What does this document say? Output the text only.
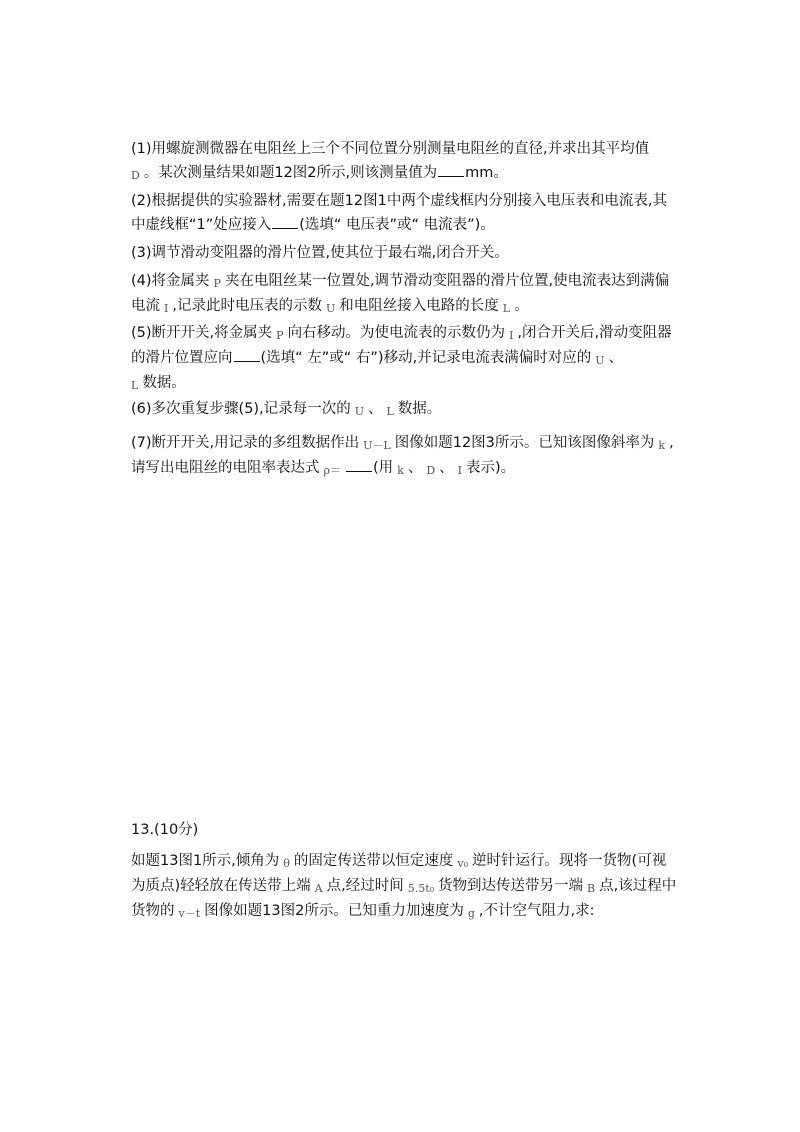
(1)用螺旋测微器在电阻丝上三个不同位置分别测量电阻丝的直径,并求出其平均值
D 。某次测量结果如题12图2所示,则该测量值为 mm。

(2)根据提供的实验器材,需要在题12图1中两个虚线框内分别接入电压表和电流表,其中虚线框“1”处应接入 (选填“ 电压表”或“ 电流表”)。

(3)调节滑动变阻器的滑片位置,使其位于最右端,闭合开关。

(4)将金属夹 P 夹在电阻丝某一位置处,调节滑动变阻器的滑片位置,使电流表达到满偏电流 I ,记录此时电压表的示数 U 和电阻丝接入电路的长度 L 。

(5)断开开关,将金属夹 P 向右移动。为使电流表的示数仍为 I ,闭合开关后,滑动变阻器的滑片位置应向 (选填“ 左”或“ 右”)移动,并记录电流表满偏时对应的 U 、
L 数据。

(6)多次重复步骤(5),记录每一次的 U 、 L 数据。

(7)断开开关,用记录的多组数据作出 U－L 图像如题12图3所示。已知该图像斜率为 k ,请写出电阻丝的电阻率表达式 ρ＝ (用 k 、 D 、 I 表示)。

13.(10分)

如题13图1所示,倾角为 θ 的固定传送带以恒定速度 v₀ 逆时针运行。现将一货物(可视为质点)轻轻放在传送带上端 A 点,经过时间 5.5t₀ 货物到达传送带另一端 B 点,该过程中货物的 v－t 图像如题13图2所示。已知重力加速度为 g ,不计空气阻力,求:
